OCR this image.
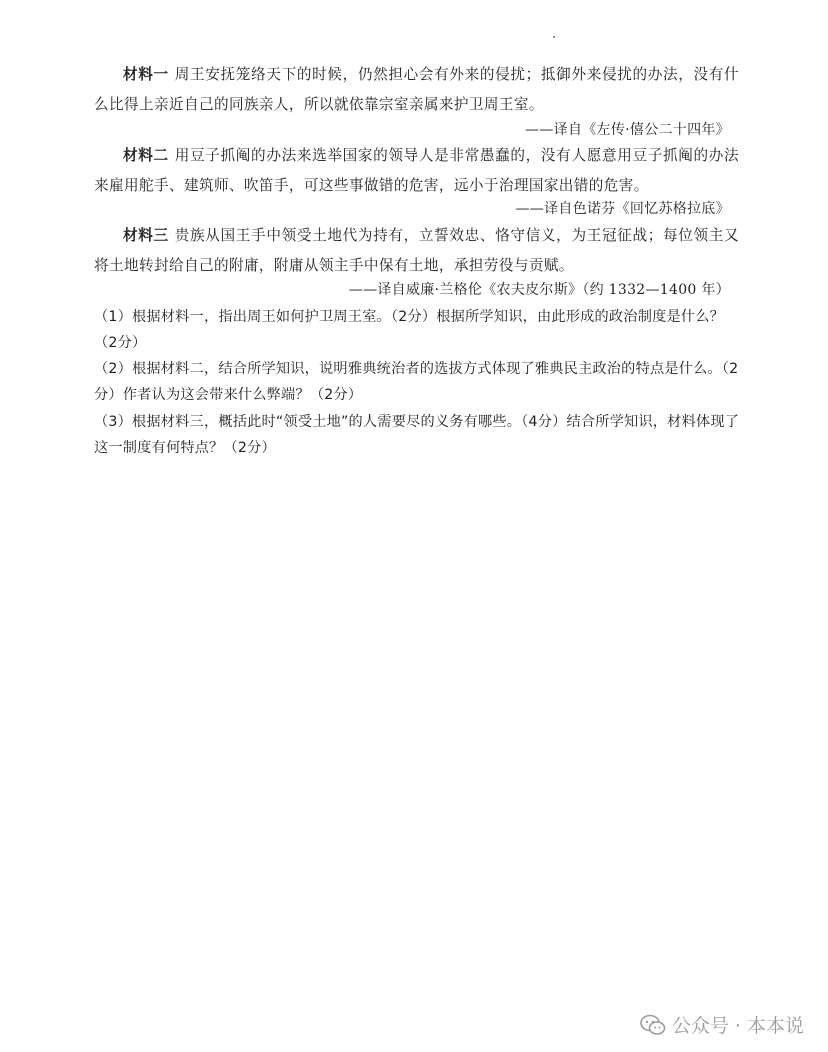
材料一 周王安抚笼络天下的时候，仍然担心会有外来的侵扰；抵御外来侵扰的办法，没有什么比得上亲近自己的同族亲人，所以就依靠宗室亲属来护卫周王室。
——译自《左传·僖公二十四年》
材料二 用豆子抓阄的办法来选举国家的领导人是非常愚蠢的，没有人愿意用豆子抓阄的办法来雇用舵手、建筑师、吹笛手，可这些事做错的危害，远小于治理国家出错的危害。
——译自色诺芬《回忆苏格拉底》
材料三 贵族从国王手中领受土地代为持有，立誓效忠、恪守信义，为王冠征战；每位领主又将土地转封给自己的附庸，附庸从领主手中保有土地，承担劳役与贡赋。
——译自威廉·兰格伦《农夫皮尔斯》（约 1332—1400 年）
（1）根据材料一，指出周王如何护卫周王室。（2分）根据所学知识，由此形成的政治制度是什么？（2分）
（2）根据材料二，结合所学知识，说明雅典统治者的选拔方式体现了雅典民主政治的特点是什么。（2分）作者认为这会带来什么弊端？（2分）
（3）根据材料三，概括此时“领受土地”的人需要尽的义务有哪些。（4分）结合所学知识，材料体现了这一制度有何特点？（2分）
公众号 · 本本说
